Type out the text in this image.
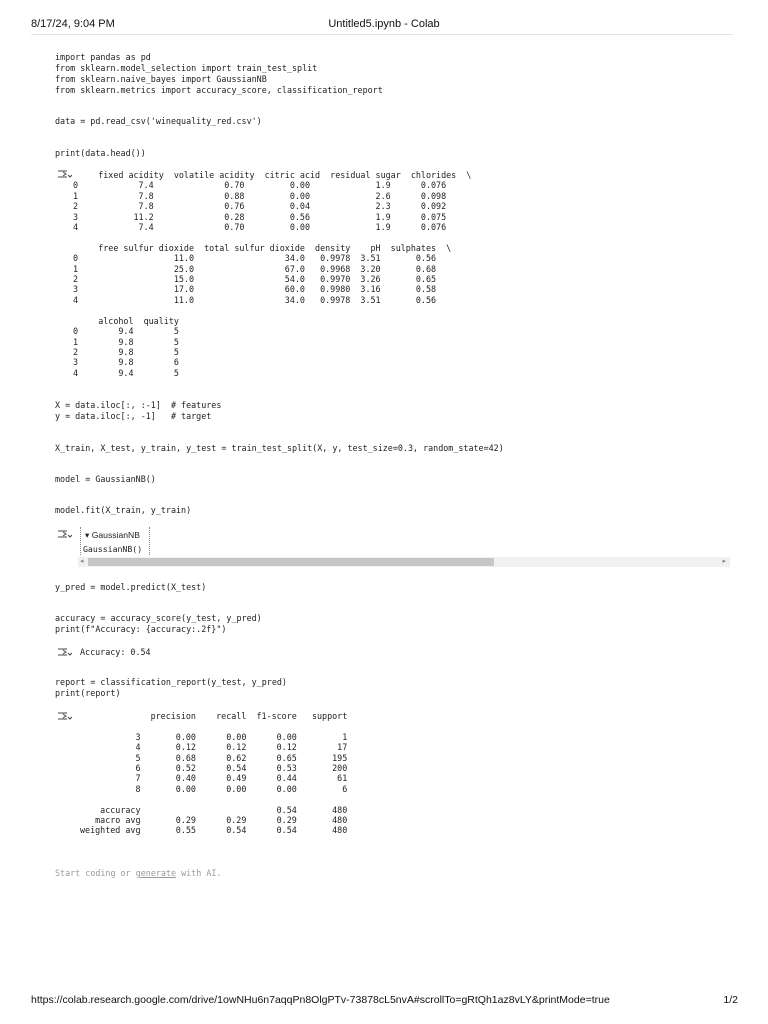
8/17/24, 9:04 PM	Untitled5.ipynb - Colab
import pandas as pd
from sklearn.model_selection import train_test_split
from sklearn.naive_bayes import GaussianNB
from sklearn.metrics import accuracy_score, classification_report
data = pd.read_csv('winequality_red.csv')
print(data.head())
fixed acidity  volatile acidity  citric acid  residual sugar  chlorides  \
0            7.4              0.70         0.00             1.9      0.076
1            7.8              0.88         0.00             2.6      0.098
2            7.8              0.76         0.04             2.3      0.092
3           11.2              0.28         0.56             1.9      0.075
4            7.4              0.70         0.00             1.9      0.076

free sulfur dioxide  total sulfur dioxide  density    pH  sulphates  \
0                   11.0                  34.0   0.9978  3.51       0.56
1                   25.0                  67.0   0.9968  3.20       0.68
2                   15.0                  54.0   0.9970  3.26       0.65
3                   17.0                  60.0   0.9980  3.16       0.58
4                   11.0                  34.0   0.9978  3.51       0.56

alcohol  quality
0        9.4        5
1        9.8        5
2        9.8        5
3        9.8        6
4        9.4        5
X = data.iloc[:, :-1]  # features
y = data.iloc[:, -1]   # target
X_train, X_test, y_train, y_test = train_test_split(X, y, test_size=0.3, random_state=42)
model = GaussianNB()
model.fit(X_train, y_train)
▾ GaussianNB
GaussianNB()
◂	▸
y_pred = model.predict(X_test)
accuracy = accuracy_score(y_test, y_pred)
print(f"Accuracy: {accuracy:.2f}")
Accuracy: 0.54
report = classification_report(y_test, y_pred)
print(report)
precision    recall  f1-score   support

3       0.00      0.00      0.00         1
4       0.12      0.12      0.12        17
5       0.68      0.62      0.65       195
6       0.52      0.54      0.53       200
7       0.40      0.49      0.44        61
8       0.00      0.00      0.00         6

accuracy                           0.54       480
macro avg       0.29      0.29      0.29       480
weighted avg       0.55      0.54      0.54       480
Start coding or generate with AI.
https://colab.research.google.com/drive/1owNHu6n7aqqPn8OlgPTv-73878cL5nvA#scrollTo=gRtQh1az8vLY&printMode=true	1/2
